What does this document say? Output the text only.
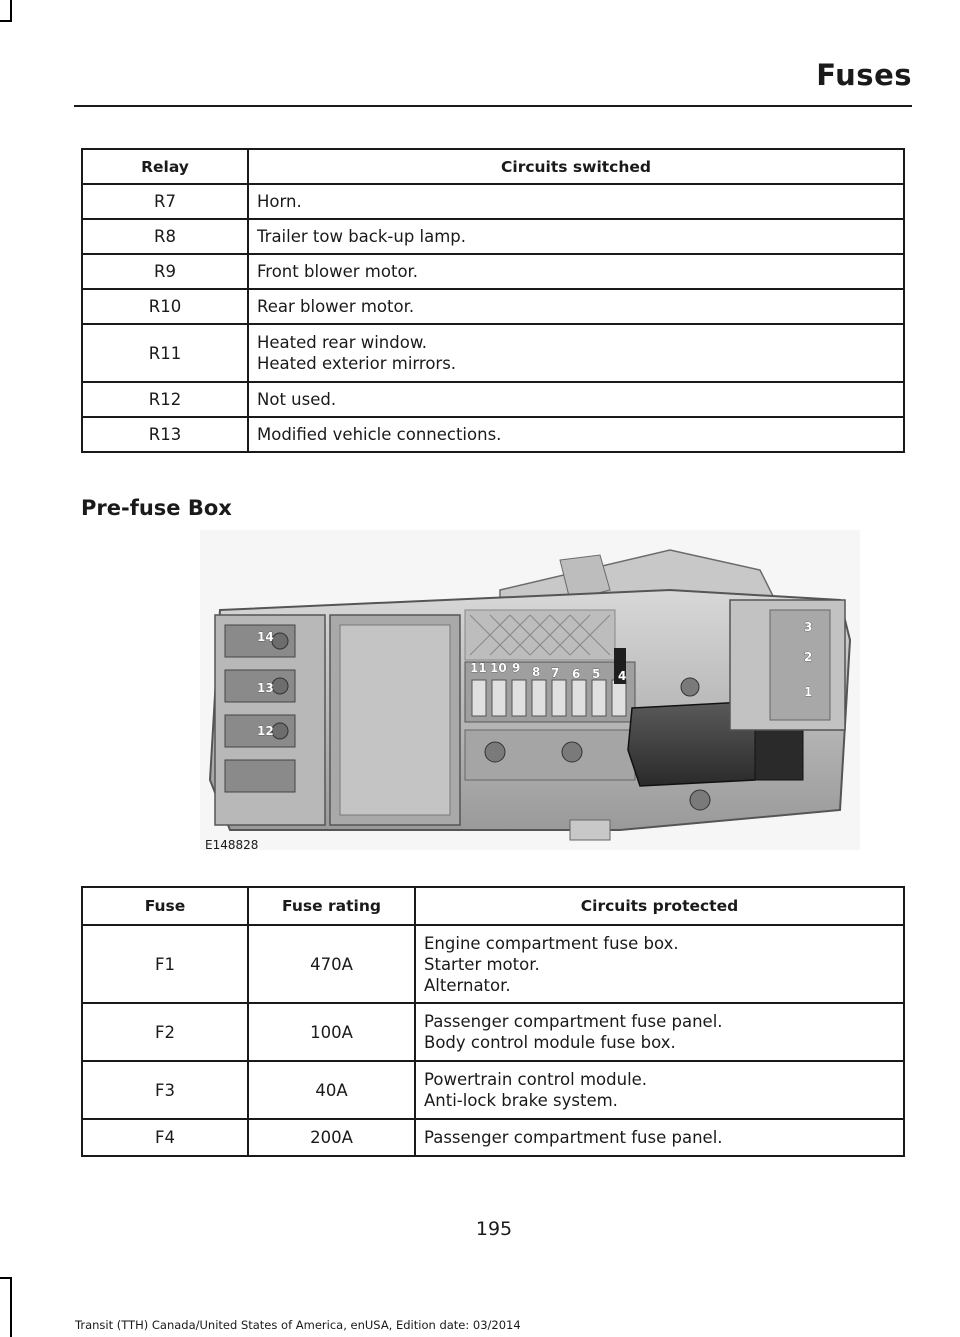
Fuses
Relay	Circuits switched
R7	Horn.

R8	Trailer tow back-up lamp.

R9	Front blower motor.

R10	Rear blower motor.

R11	Heated rear window.
Heated exterior mirrors.

R12	Not used.

R13	Modified vehicle connections.
Pre-fuse Box
14
13
12
11 10 9 8 7 6 5 4
3
2
1
E148828
Fuse	Fuse rating	Circuits protected
F1	470A	Engine compartment fuse box.
Starter motor.
Alternator.

F2	100A	Passenger compartment fuse panel.
Body control module fuse box.

F3	40A	Powertrain control module.
Anti-lock brake system.

F4	200A	Passenger compartment fuse panel.
195
Transit (TTH) Canada/United States of America, enUSA, Edition date: 03/2014
